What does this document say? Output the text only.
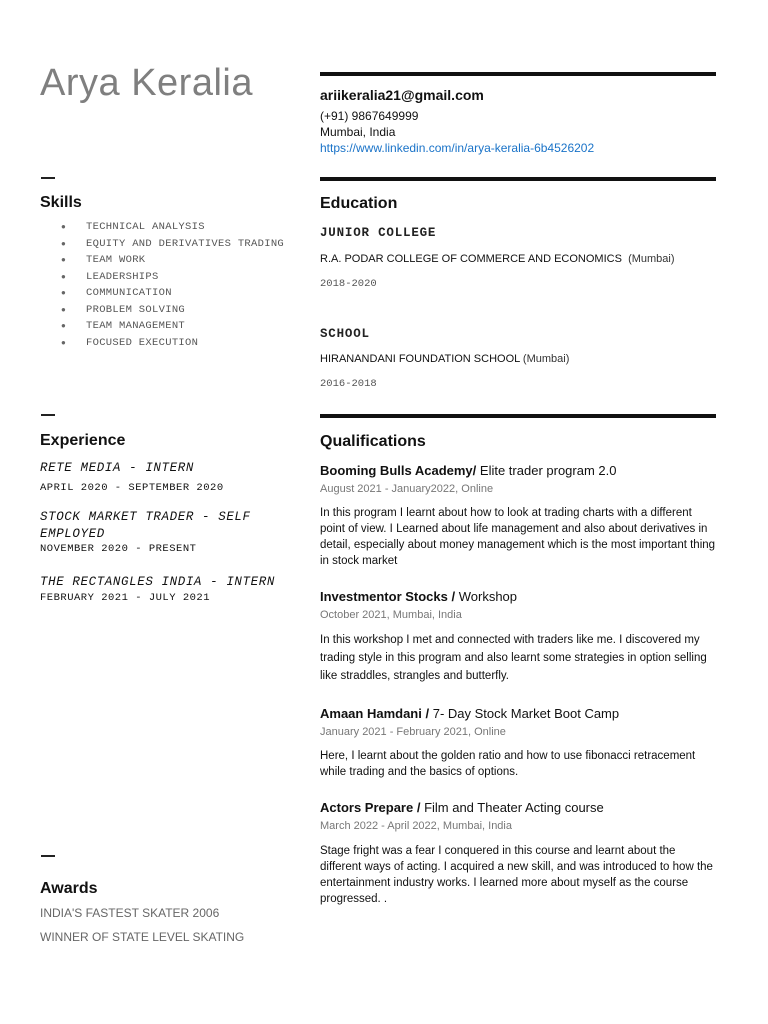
Arya Keralia
Skills
● TECHNICAL ANALYSIS
● EQUITY AND DERIVATIVES TRADING
● TEAM WORK
● LEADERSHIPS
● COMMUNICATION
● PROBLEM SOLVING
● TEAM MANAGEMENT
● FOCUSED EXECUTION
Experience
RETE MEDIA - INTERN
APRIL 2020 - SEPTEMBER 2020
STOCK MARKET TRADER - SELF EMPLOYED
NOVEMBER 2020 - PRESENT
THE RECTANGLES INDIA - INTERN
FEBRUARY 2021 - JULY 2021
Awards
INDIA'S FASTEST SKATER 2006
WINNER OF STATE LEVEL SKATING
ariikeralia21@gmail.com
(+91) 9867649999
Mumbai, India
https://www.linkedin.com/in/arya-keralia-6b4526202
Education
JUNIOR COLLEGE
R.A. PODAR COLLEGE OF COMMERCE AND ECONOMICS (Mumbai)
2018-2020
SCHOOL
HIRANANDANI FOUNDATION SCHOOL (Mumbai)
2016-2018
Qualifications
Booming Bulls Academy/ Elite trader program 2.0
August 2021 - January2022, Online
In this program I learnt about how to look at trading charts with a different point of view. I Learned about life management and also about derivatives in detail, especially about money management which is the most important thing in stock market
Investmentor Stocks / Workshop
October 2021, Mumbai, India
In this workshop I met and connected with traders like me. I discovered my trading style in this program and also learnt some strategies in option selling like straddles, strangles and butterfly.
Amaan Hamdani / 7- Day Stock Market Boot Camp
January 2021 - February 2021, Online
Here, I learnt about the golden ratio and how to use fibonacci retracement while trading and the basics of options.
Actors Prepare / Film and Theater Acting course
March 2022 - April 2022, Mumbai, India
Stage fright was a fear I conquered in this course and learnt about the different ways of acting. I acquired a new skill, and was introduced to how the entertainment industry works. I learned more about myself as the course progressed. .
